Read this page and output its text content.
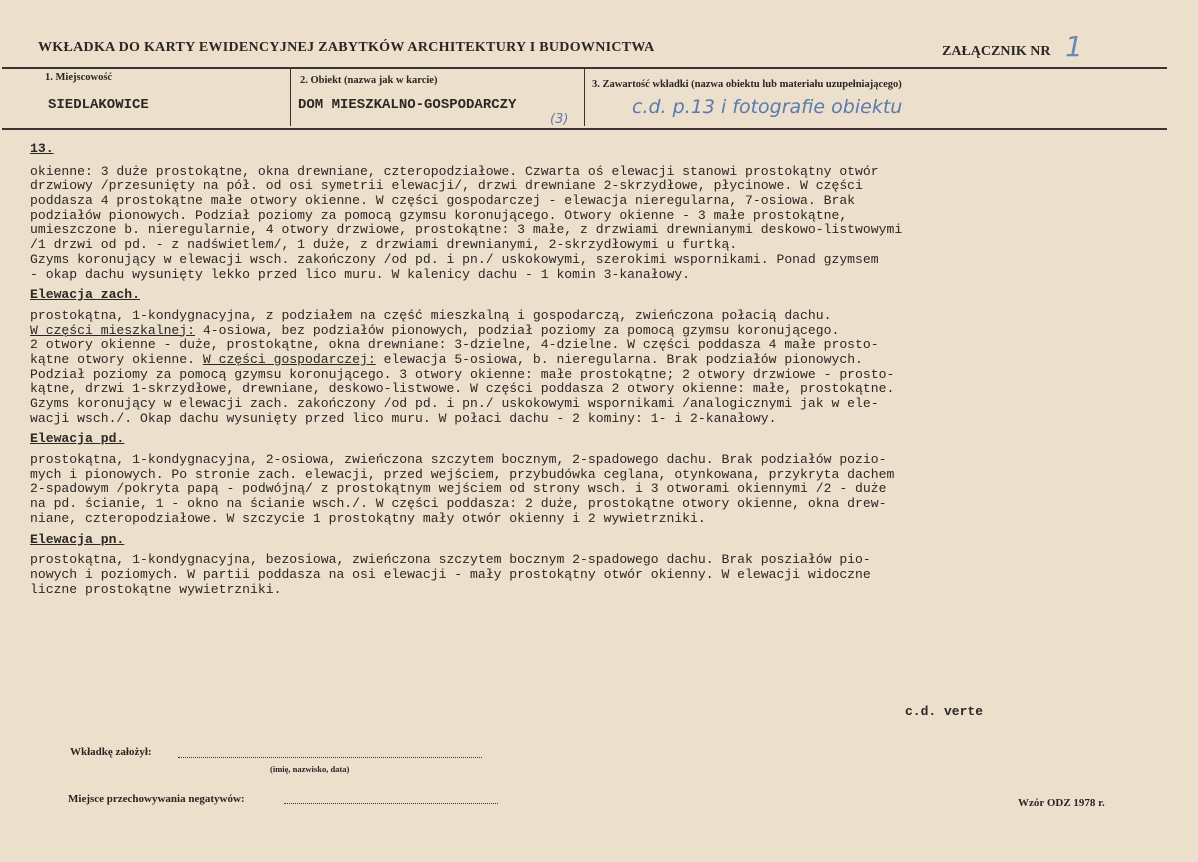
WKŁADKA DO KARTY EWIDENCYJNEJ ZABYTKÓW ARCHITEKTURY I BUDOWNICTWA	ZAŁĄCZNIK NR 1
1. Miejscowość
SIEDLAKOWICE
2. Obiekt (nazwa jak w karcie)
DOM MIESZKALNO-GOSPODARCZY
(3)
3. Zawartość wkładki (nazwa obiektu lub materiału uzupełniającego)
c.d. p.13 i fotografie obiektu
13.
okienne: 3 duże prostokątne, okna drewniane, czteropodziałowe. Czwarta oś elewacji stanowi prostokątny otwór
drzwiowy /przesunięty na pół. od osi symetrii elewacji/, drzwi drewniane 2-skrzydłowe, płycinowe. W części
poddasza 4 prostokątne małe otwory okienne. W części gospodarczej - elewacja nieregularna, 7-osiowa. Brak
podziałów pionowych. Podział poziomy za pomocą gzymsu koronującego. Otwory okienne - 3 małe prostokątne,
umieszczone b. nieregularnie, 4 otwory drzwiowe, prostokątne: 3 małe, z drzwiami drewnianymi deskowo-listwowymi
/1 drzwi od pd. - z nadświetlem/, 1 duże, z drzwiami drewnianymi, 2-skrzydłowymi u furtką.
Gzyms koronujący w elewacji wsch. zakończony /od pd. i pn./ uskokowymi, szerokimi wspornikami. Ponad gzymsem
- okap dachu wysunięty lekko przed lico muru. W kalenicy dachu - 1 komin 3-kanałowy.
Elewacja zach.
prostokątna, 1-kondygnacyjna, z podziałem na część mieszkalną i gospodarczą, zwieńczona połacią dachu.
W części mieszkalnej: 4-osiowa, bez podziałów pionowych, podział poziomy za pomocą gzymsu koronującego.
2 otwory okienne - duże, prostokątne, okna drewniane: 3-dzielne, 4-dzielne. W części poddasza 4 małe prosto-
kątne otwory okienne. W części gospodarczej: elewacja 5-osiowa, b. nieregularna. Brak podziałów pionowych.
Podział poziomy za pomocą gzymsu koronującego. 3 otwory okienne: małe prostokątne; 2 otwory drzwiowe - prosto-
kątne, drzwi 1-skrzydłowe, drewniane, deskowo-listwowe. W części poddasza 2 otwory okienne: małe, prostokątne.
Gzyms koronujący w elewacji zach. zakończony /od pd. i pn./ uskokowymi wspornikami /analogicznymi jak w ele-
wacji wsch./. Okap dachu wysunięty przed lico muru. W połaci dachu - 2 kominy: 1- i 2-kanałowy.
Elewacja pd.
prostokątna, 1-kondygnacyjna, 2-osiowa, zwieńczona szczytem bocznym, 2-spadowego dachu. Brak podziałów pozio-
mych i pionowych. Po stronie zach. elewacji, przed wejściem, przybudówka ceglana, otynkowana, przykryta dachem
2-spadowym /pokryta papą - podwójną/ z prostokątnym wejściem od strony wsch. i 3 otworami okiennymi /2 - duże
na pd. ścianie, 1 - okno na ścianie wsch./. W części poddasza: 2 duże, prostokątne otwory okienne, okna drew-
niane, czteropodziałowe. W szczycie 1 prostokątny mały otwór okienny i 2 wywietrzniki.
Elewacja pn.
prostokątna, 1-kondygnacyjna, bezosiowa, zwieńczona szczytem bocznym 2-spadowego dachu. Brak posziałów pio-
nowych i poziomych. W partii poddasza na osi elewacji - mały prostokątny otwór okienny. W elewacji widoczne
liczne prostokątne wywietrzniki.
c.d. verte
Wkładkę założył:
(imię, nazwisko, data)
Miejsce przechowywania negatywów:	Wzór ODZ 1978 r.
